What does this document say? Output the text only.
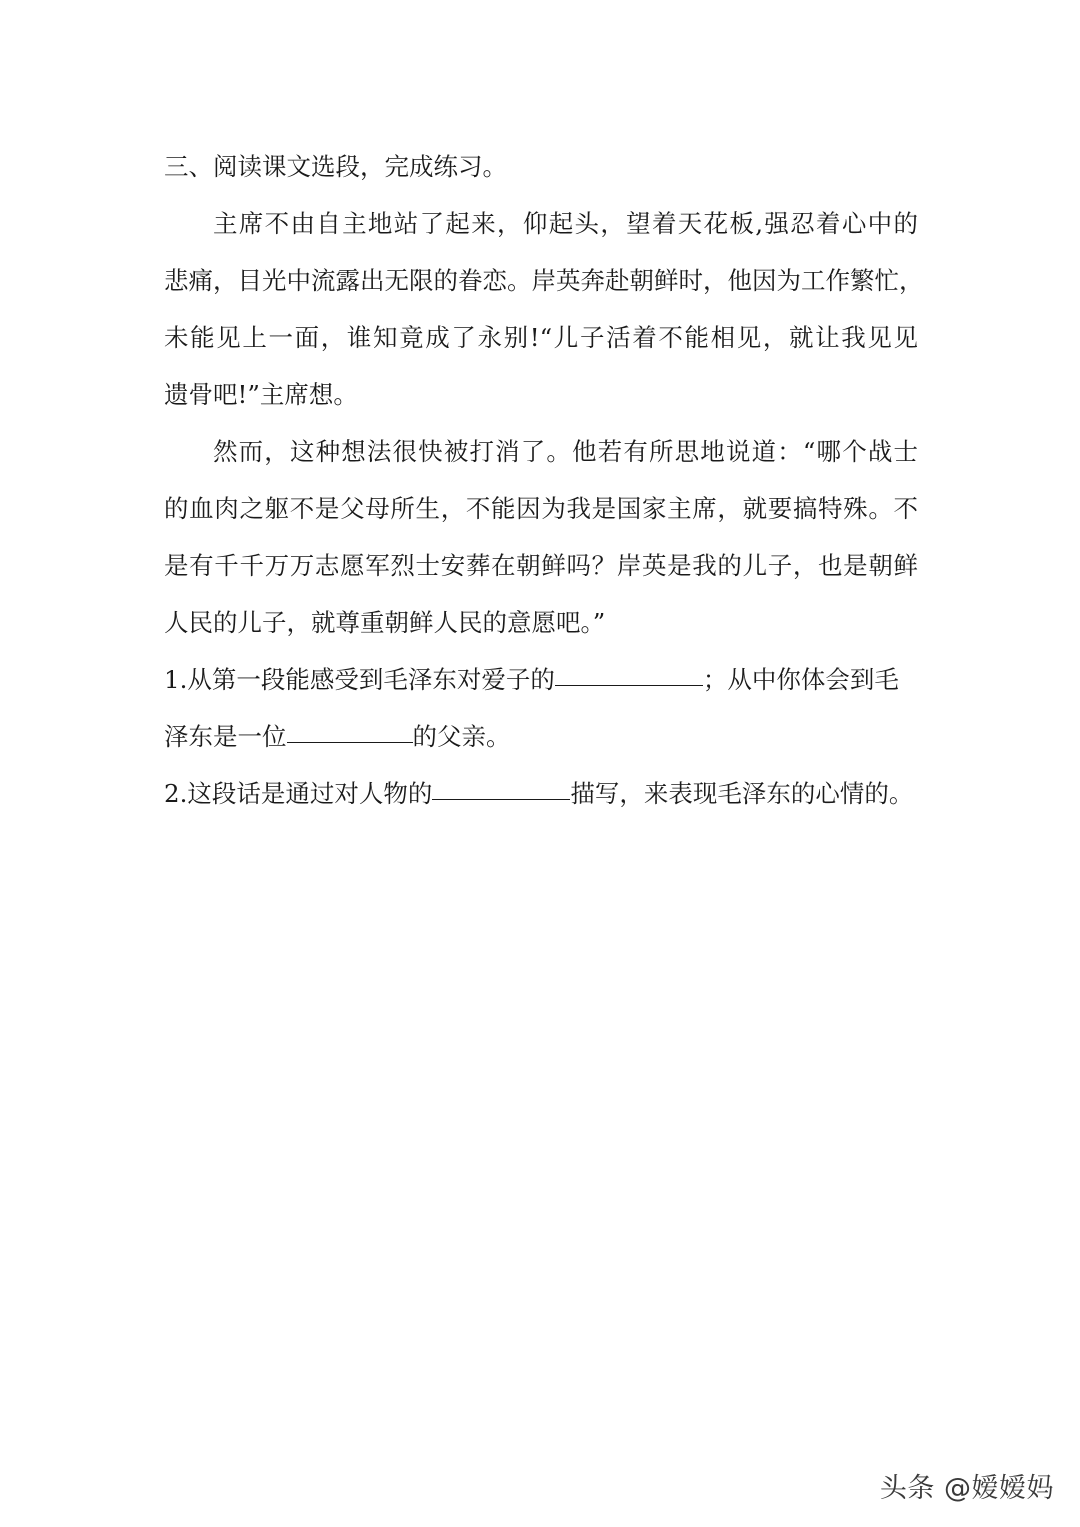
三、阅读课文选段，完成练习。
主席不由自主地站了起来，仰起头，望着天花板,强忍着心中的
悲痛，目光中流露出无限的眷恋。岸英奔赴朝鲜时，他因为工作繁忙，
未能见上一面，谁知竟成了永别!“儿子活着不能相见，就让我见见
遗骨吧!”主席想。
然而，这种想法很快被打消了。他若有所思地说道：“哪个战士
的血肉之躯不是父母所生，不能因为我是国家主席，就要搞特殊。不
是有千千万万志愿军烈士安葬在朝鲜吗？岸英是我的儿子，也是朝鲜
人民的儿子，就尊重朝鲜人民的意愿吧。”
1.从第一段能感受到毛泽东对爱子的	；从中你体会到毛
泽东是一位	的父亲。
2.这段话是通过对人物的	描写，来表现毛泽东的心情的。
头条 @嫒嫒妈
